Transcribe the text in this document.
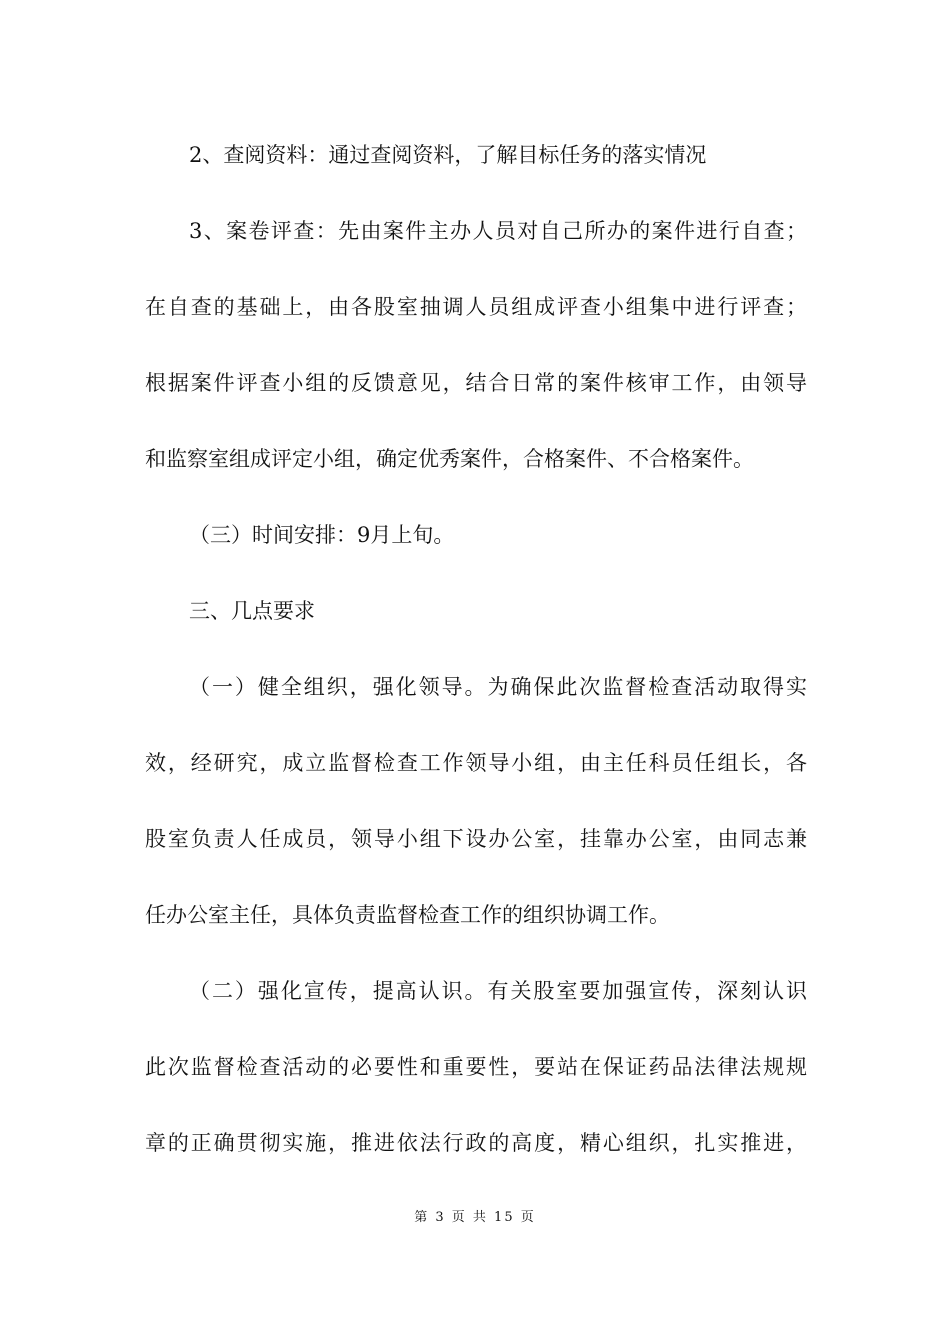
2、查阅资料：通过查阅资料，了解目标任务的落实情况
3、案卷评查：先由案件主办人员对自己所办的案件进行自查；
在自查的基础上，由各股室抽调人员组成评查小组集中进行评查；
根据案件评查小组的反馈意见，结合日常的案件核审工作，由领导
和监察室组成评定小组，确定优秀案件，合格案件、不合格案件。
（三）时间安排：9月上旬。
三、几点要求
（一）健全组织，强化领导。为确保此次监督检查活动取得实
效，经研究，成立监督检查工作领导小组，由主任科员任组长，各
股室负责人任成员，领导小组下设办公室，挂靠办公室，由同志兼
任办公室主任，具体负责监督检查工作的组织协调工作。
（二）强化宣传，提高认识。有关股室要加强宣传，深刻认识
此次监督检查活动的必要性和重要性，要站在保证药品法律法规规
章的正确贯彻实施，推进依法行政的高度，精心组织，扎实推进，
第 3 页 共 15 页
